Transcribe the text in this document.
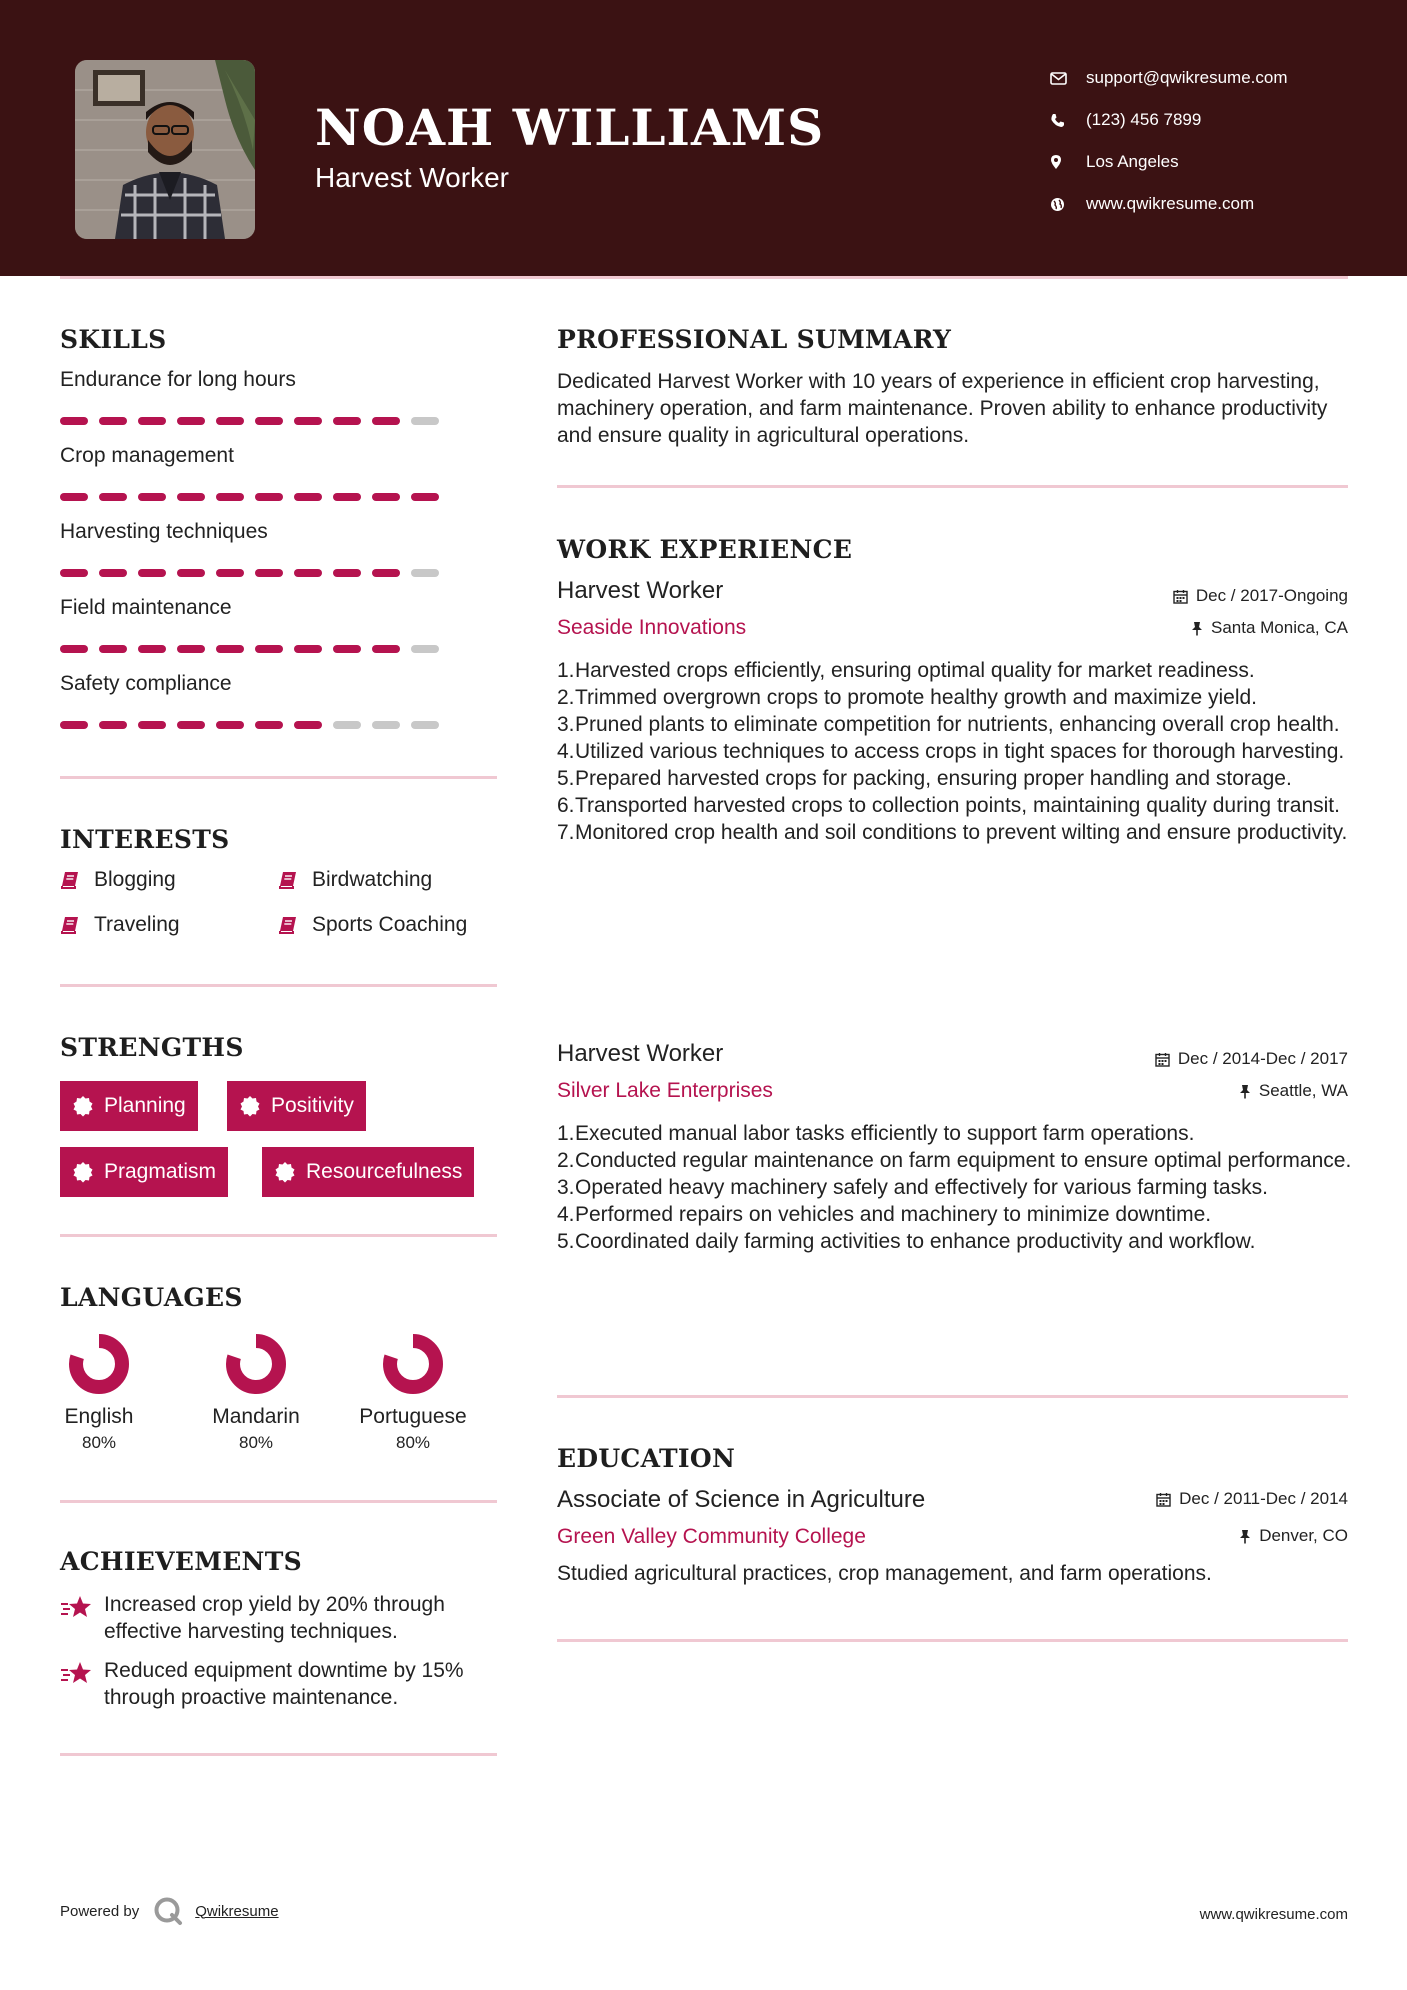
NOAH WILLIAMS
Harvest Worker
support@qwikresume.com
(123) 456 7899
Los Angeles
www.qwikresume.com
SKILLS
Endurance for long hours
Crop management
Harvesting techniques
Field maintenance
Safety compliance
INTERESTS
Blogging	Birdwatching
Traveling	Sports Coaching
STRENGTHS
Planning	Positivity
Pragmatism	Resourcefulness
LANGUAGES
English
80%
Mandarin
80%
Portuguese
80%
ACHIEVEMENTS
Increased crop yield by 20% through effective harvesting techniques.
Reduced equipment downtime by 15% through proactive maintenance.
PROFESSIONAL SUMMARY
Dedicated Harvest Worker with 10 years of experience in efficient crop harvesting, machinery operation, and farm maintenance. Proven ability to enhance productivity and ensure quality in agricultural operations.
WORK EXPERIENCE
Harvest Worker	Dec / 2017-Ongoing
Seaside Innovations	Santa Monica, CA
1. Harvested crops efficiently, ensuring optimal quality for market readiness.
2. Trimmed overgrown crops to promote healthy growth and maximize yield.
3. Pruned plants to eliminate competition for nutrients, enhancing overall crop health.
4. Utilized various techniques to access crops in tight spaces for thorough harvesting.
5. Prepared harvested crops for packing, ensuring proper handling and storage.
6. Transported harvested crops to collection points, maintaining quality during transit.
7. Monitored crop health and soil conditions to prevent wilting and ensure productivity.
Harvest Worker	Dec / 2014-Dec / 2017
Silver Lake Enterprises	Seattle, WA
1. Executed manual labor tasks efficiently to support farm operations.
2. Conducted regular maintenance on farm equipment to ensure optimal performance.
3. Operated heavy machinery safely and effectively for various farming tasks.
4. Performed repairs on vehicles and machinery to minimize downtime.
5. Coordinated daily farming activities to enhance productivity and workflow.
EDUCATION
Associate of Science in Agriculture	Dec / 2011-Dec / 2014
Green Valley Community College	Denver, CO
Studied agricultural practices, crop management, and farm operations.
Powered by	Qwikresume	www.qwikresume.com
